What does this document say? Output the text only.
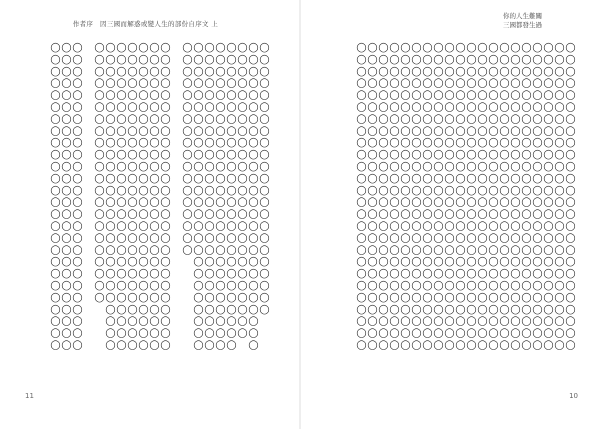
作者序　因三國而解惑或變人生的部份自序文 上
◯◯◯◯◯◯◯◯◯◯◯◯◯◯◯◯◯◯◯◯◯◯◯
◯◯◯◯◯◯◯◯◯◯◯◯◯◯◯◯◯◯◯◯◯◯◯◯◯◯
◯◯◯◯◯◯◯◯◯◯◯◯◯◯◯◯◯◯◯◯◯◯◯◯◯
◯◯◯◯◯◯◯◯◯◯◯◯◯◯◯◯◯◯◯◯◯◯◯◯◯◯
◯◯◯◯◯◯◯◯◯◯◯◯◯◯◯◯◯◯◯◯◯◯◯◯◯◯
◯◯◯◯◯◯◯◯◯◯◯◯◯◯◯◯◯◯◯◯◯◯◯◯◯◯
◯◯◯◯◯◯◯◯◯◯◯◯◯◯◯◯◯◯◯◯◯◯◯◯◯◯
◯◯◯◯◯◯◯◯◯◯◯◯◯◯◯◯◯◯
◯◯◯◯◯◯◯◯◯◯◯◯◯◯◯◯◯◯◯◯◯◯◯◯◯◯
◯◯◯◯◯◯◯◯◯◯◯◯◯◯◯◯◯◯◯◯◯◯◯◯◯◯
◯◯◯◯◯◯◯◯◯◯◯◯◯◯◯◯◯◯◯◯◯◯◯◯◯◯
◯◯◯◯◯◯◯◯◯◯◯◯◯◯◯◯◯◯◯◯◯◯◯◯◯◯
◯◯◯◯◯◯◯◯◯◯◯◯◯◯◯◯◯◯◯◯◯◯◯◯◯◯
◯◯◯◯◯◯◯◯◯◯◯◯◯◯◯◯◯◯◯◯◯◯◯◯◯◯
◯◯◯◯◯◯◯◯◯◯◯◯◯◯◯◯◯◯◯◯◯◯
◯◯◯◯◯◯◯◯◯◯◯◯◯◯◯◯◯◯◯◯◯◯◯◯◯◯
◯◯◯◯◯◯◯◯◯◯◯◯◯◯◯◯◯◯◯◯◯◯◯◯◯◯
◯◯◯◯◯◯◯◯◯◯◯◯◯◯◯◯◯◯◯◯◯◯◯◯◯◯
11
你的人生難關
三國都發生過
◯◯◯◯◯◯◯◯◯◯◯◯◯◯◯◯◯◯◯◯◯◯◯◯◯◯
◯◯◯◯◯◯◯◯◯◯◯◯◯◯◯◯◯◯◯◯◯◯◯◯◯◯
◯◯◯◯◯◯◯◯◯◯◯◯◯◯◯◯◯◯◯◯◯◯◯◯◯◯
◯◯◯◯◯◯◯◯◯◯◯◯◯◯◯◯◯◯◯◯◯◯◯◯◯◯
◯◯◯◯◯◯◯◯◯◯◯◯◯◯◯◯◯◯◯◯◯◯◯◯◯◯
◯◯◯◯◯◯◯◯◯◯◯◯◯◯◯◯◯◯◯◯◯◯◯◯◯◯
◯◯◯◯◯◯◯◯◯◯◯◯◯◯◯◯◯◯◯◯◯◯◯◯◯◯
◯◯◯◯◯◯◯◯◯◯◯◯◯◯◯◯◯◯◯◯◯◯◯◯◯◯
◯◯◯◯◯◯◯◯◯◯◯◯◯◯◯◯◯◯◯◯◯◯◯◯◯◯
◯◯◯◯◯◯◯◯◯◯◯◯◯◯◯◯◯◯◯◯◯◯◯◯◯◯
◯◯◯◯◯◯◯◯◯◯◯◯◯◯◯◯◯◯◯◯◯◯◯◯◯◯
◯◯◯◯◯◯◯◯◯◯◯◯◯◯◯◯◯◯◯◯◯◯◯◯◯◯
◯◯◯◯◯◯◯◯◯◯◯◯◯◯◯◯◯◯◯◯◯◯◯◯◯◯
◯◯◯◯◯◯◯◯◯◯◯◯◯◯◯◯◯◯◯◯◯◯◯◯◯◯
◯◯◯◯◯◯◯◯◯◯◯◯◯◯◯◯◯◯◯◯◯◯◯◯◯◯
◯◯◯◯◯◯◯◯◯◯◯◯◯◯◯◯◯◯◯◯◯◯◯◯◯◯
◯◯◯◯◯◯◯◯◯◯◯◯◯◯◯◯◯◯◯◯◯◯◯◯◯◯
◯◯◯◯◯◯◯◯◯◯◯◯◯◯◯◯◯◯◯◯◯◯◯◯◯◯
◯◯◯◯◯◯◯◯◯◯◯◯◯◯◯◯◯◯◯◯◯◯◯◯◯◯
◯◯◯◯◯◯◯◯◯◯◯◯◯◯◯◯◯◯◯◯◯◯◯◯◯◯
10
